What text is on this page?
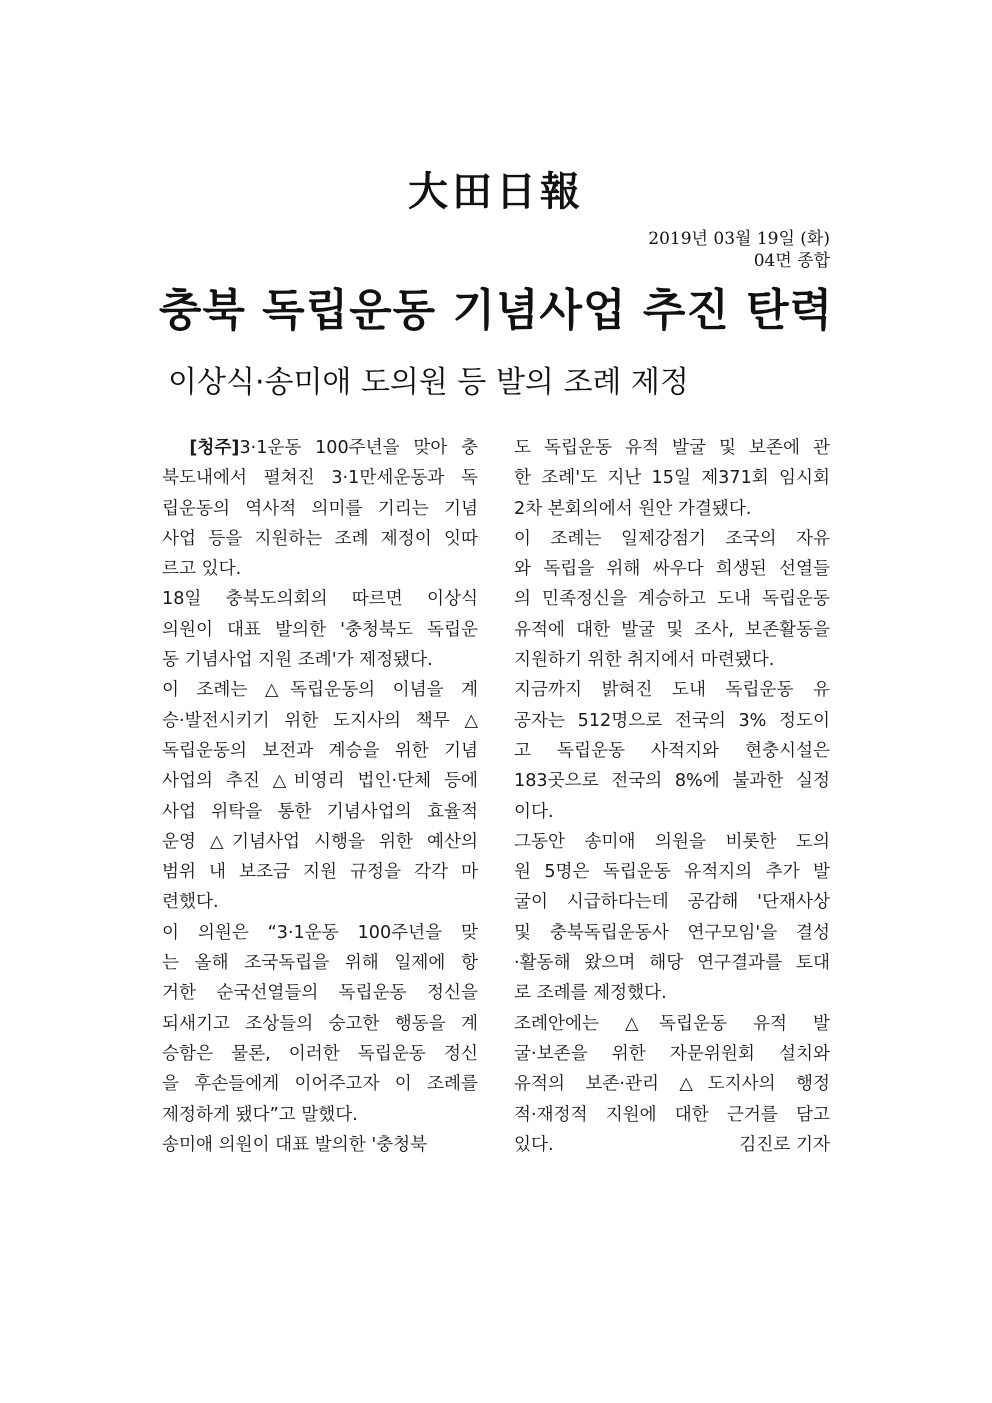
大田日報
2019년 03월 19일 (화)
04면 종합
충북 독립운동 기념사업 추진 탄력
이상식·송미애 도의원 등 발의 조례 제정
[청주]3·1운동 100주년을 맞아 충
북도내에서 펼쳐진 3·1만세운동과 독
립운동의 역사적 의미를 기리는 기념
사업 등을 지원하는 조례 제정이 잇따
르고 있다.
18일 충북도의회의 따르면 이상식
의원이 대표 발의한 '충청북도 독립운
동 기념사업 지원 조례'가 제정됐다.
이 조례는 △독립운동의 이념을 계
승·발전시키기 위한 도지사의 책무 △
독립운동의 보전과 계승을 위한 기념
사업의 추진 △비영리 법인·단체 등에
사업 위탁을 통한 기념사업의 효율적
운영 △기념사업 시행을 위한 예산의
범위 내 보조금 지원 규정을 각각 마
련했다.
이 의원은 “3·1운동 100주년을 맞
는 올해 조국독립을 위해 일제에 항
거한 순국선열들의 독립운동 정신을
되새기고 조상들의 숭고한 행동을 계
승함은 물론, 이러한 독립운동 정신
을 후손들에게 이어주고자 이 조례를
제정하게 됐다”고 말했다.
송미애 의원이 대표 발의한 '충청북
도 독립운동 유적 발굴 및 보존에 관
한 조례'도 지난 15일 제371회 임시회
2차 본회의에서 원안 가결됐다.
이 조례는 일제강점기 조국의 자유
와 독립을 위해 싸우다 희생된 선열들
의 민족정신을 계승하고 도내 독립운동
유적에 대한 발굴 및 조사, 보존활동을
지원하기 위한 취지에서 마련됐다.
지금까지 밝혀진 도내 독립운동 유
공자는 512명으로 전국의 3% 정도이
고 독립운동 사적지와 현충시설은
183곳으로 전국의 8%에 불과한 실정
이다.
그동안 송미애 의원을 비롯한 도의
원 5명은 독립운동 유적지의 추가 발
굴이 시급하다는데 공감해 '단재사상
및 충북독립운동사 연구모임'을 결성
·활동해 왔으며 해당 연구결과를 토대
로 조례를 제정했다.
조례안에는 △독립운동 유적 발
굴·보존을 위한 자문위원회 설치와
유적의 보존·관리 △도지사의 행정
적·재정적 지원에 대한 근거를 담고
있다.	김진로 기자
